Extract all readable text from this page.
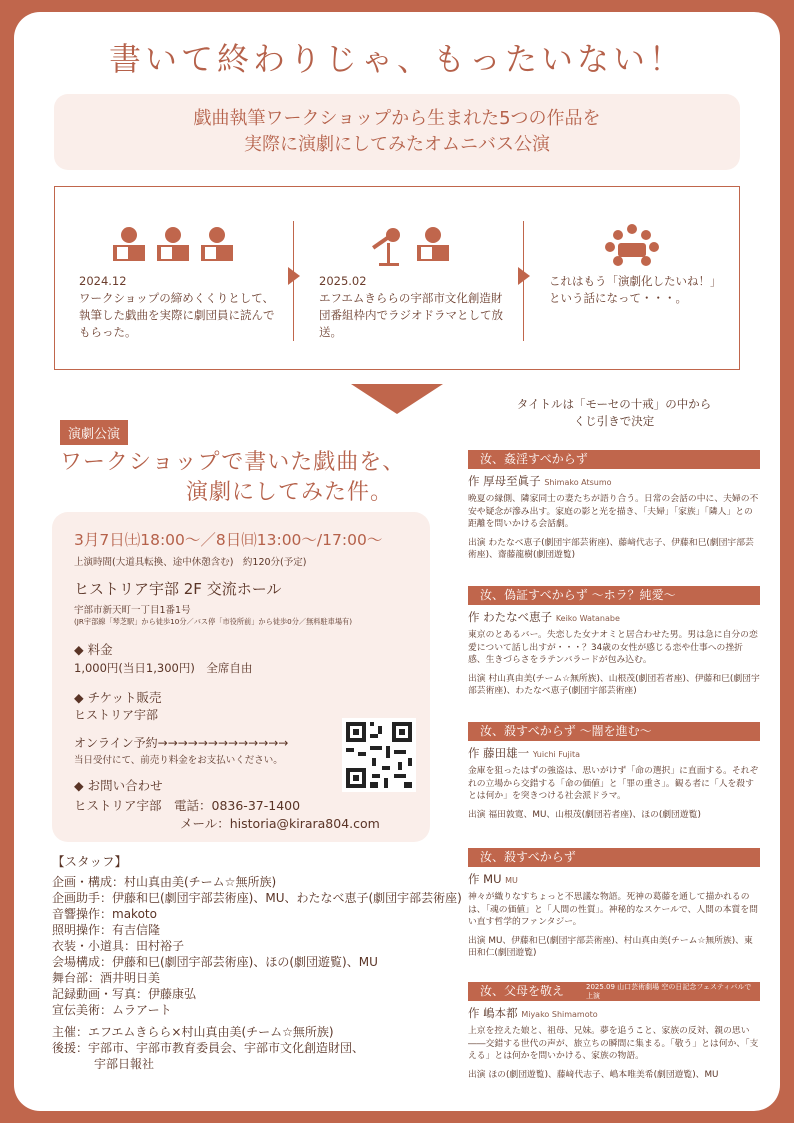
書いて終わりじゃ、もったいない！
戯曲執筆ワークショップから生まれた5つの作品を
実際に演劇にしてみたオムニバス公演
2024.12
ワークショップの締めくくりとして、執筆した戯曲を実際に劇団員に読んでもらった。
2025.02
エフエムきららの宇部市文化創造財団番組枠内でラジオドラマとして放送。
これはもう「演劇化したいね！」という話になって・・・。
演劇公演
ワークショップで書いた戯曲を、
演劇にしてみた件。
3月7日㈯18:00〜／8日㈰13:00〜/17:00〜
上演時間(大道具転換、途中休憩含む)　約120分(予定)
ヒストリア宇部 2F 交流ホール
宇部市新天町一丁目1番1号
(JR宇部線「琴芝駅」から徒歩10分／バス停「市役所前」から徒歩0分／無料駐車場有)
◆ 料金
1,000円(当日1,300円)　全席自由
◆ チケット販売
ヒストリア宇部
オンライン予約→→→→→→→→→→→→→
当日受付にて、前売り料金をお支払いください。
◆ お問い合わせ
ヒストリア宇部　電話：0836-37-1400
メール：historia@kirara804.com
【スタッフ】
企画・構成：村山真由美(チーム☆無所族)
企画助手：伊藤和巳(劇団宇部芸術座)、MU、わたなべ恵子(劇団宇部芸術座)
音響操作：makoto
照明操作：有吉信隆
衣装・小道具：田村裕子
会場構成：伊藤和巳(劇団宇部芸術座)、ほの(劇団遊覧)、MU
舞台部：酒井明日美
記録動画・写真：伊藤康弘
宣伝美術：ムラアート
主催：エフエムきらら×村山真由美(チーム☆無所族)
後援：宇部市、宇部市教育委員会、宇部市文化創造財団、
宇部日報社
タイトルは「モーセの十戒」の中から
くじ引きで決定
汝、姦淫すべからず
作 厚母至眞子 Shimako Atsumo
晩夏の縁側、隣家同士の妻たちが語り合う。日常の会話の中に、夫婦の不安や疑念が滲み出す。家庭の影と光を描き、「夫婦」「家族」「隣人」との距離を問いかける会話劇。
出演 わたなべ恵子(劇団宇部芸術座)、藤﨑代志子、伊藤和巳(劇団宇部芸術座)、齋藤龍樹(劇団遊覧)
汝、偽証すべからず 〜ホラ？純愛〜
作 わたなべ恵子 Keiko Watanabe
東京のとあるバー。失恋した女ナオミと居合わせた男。男は急に自分の恋愛について話し出すが・・・？34歳の女性が感じる恋や仕事への挫折感、生きづらさをラテンバラードが包み込む。
出演 村山真由美(チーム☆無所族)、山根茂(劇団若者座)、伊藤和巳(劇団宇部芸術座)、わたなべ恵子(劇団宇部芸術座)
汝、殺すべからず 〜闇を進む〜
作 藤田雄一 Yuichi Fujita
金庫を狙ったはずの強盗は、思いがけず「命の選択」に直面する。それぞれの立場から交錯する「命の価値」と「罪の重さ」。観る者に「人を殺すとは何か」を突きつける社会派ドラマ。
出演 福田敦寛、MU、山根茂(劇団若者座)、ほの(劇団遊覧)
汝、殺すべからず
作 MU MU
神々が織りなすちょっと不思議な物語。死神の葛藤を通して描かれるのは、「魂の価値」と「人間の性質」。神秘的なスケールで、人間の本質を問い直す哲学的ファンタジー。
出演 MU、伊藤和巳(劇団宇部芸術座)、村山真由美(チーム☆無所族)、東田和仁(劇団遊覧)
汝、父母を敬え	2025.09 山口芸術劇場 空の日記念フェスティバルで上演
作 嶋本都 Miyako Shimamoto
上京を控えた娘と、祖母、兄妹。夢を追うこと、家族の反対、親の思い――交錯する世代の声が、旅立ちの瞬間に集まる。「敬う」とは何か、「支える」とは何かを問いかける、家族の物語。
出演 ほの(劇団遊覧)、藤﨑代志子、嶋本唯美希(劇団遊覧)、MU
